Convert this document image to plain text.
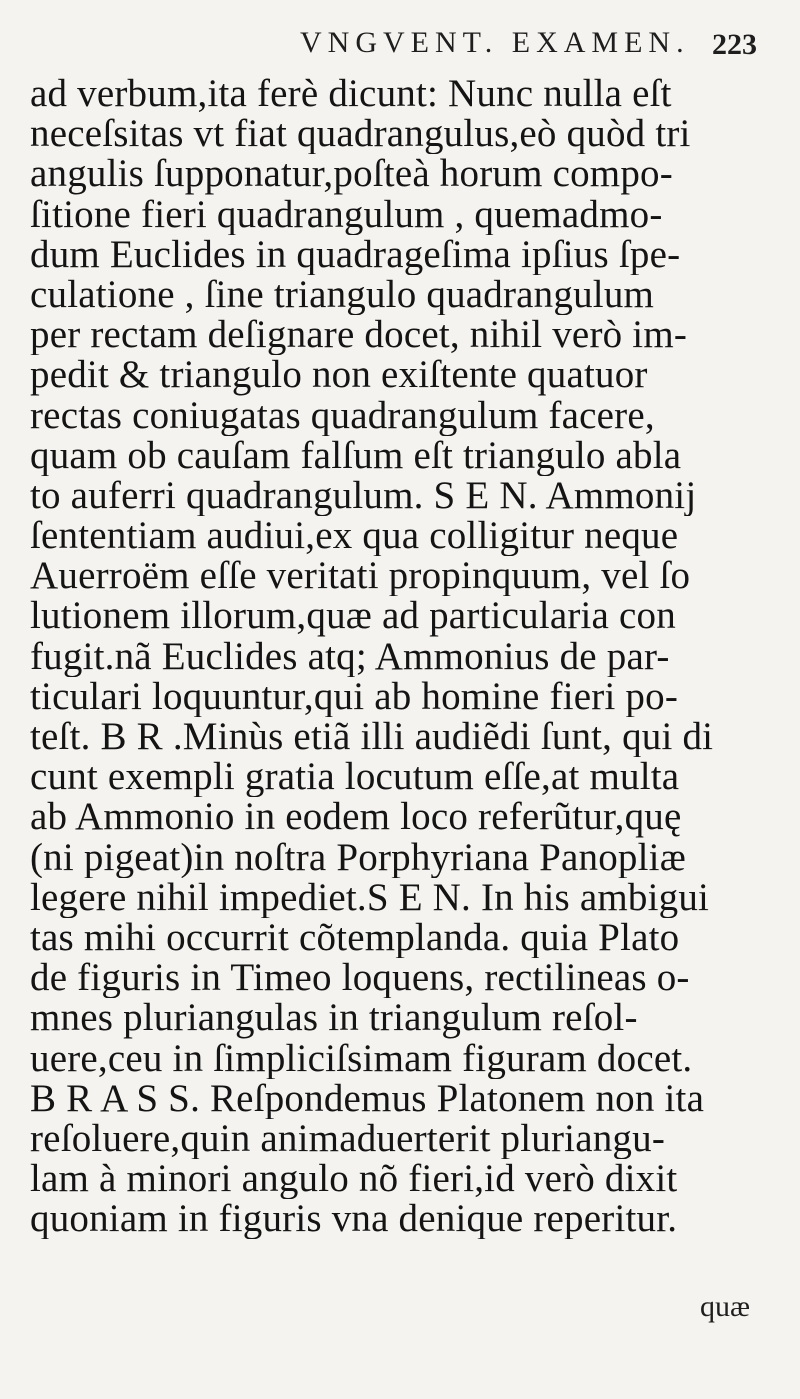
VNGVENT. EXAMEN. 223
ad verbum,ita ferè dicunt: Nunc nulla eſt
neceſsitas vt fiat quadrangulus,eò quòd tri
angulis ſupponatur,poſteà horum compo-
ſitione fieri quadrangulum , quemadmo-
dum Euclides in quadrageſima ipſius ſpe-
culatione , ſine triangulo quadrangulum
per rectam deſignare docet, nihil verò im-
pedit & triangulo non exiſtente quatuor
rectas coniugatas quadrangulum facere,
quam ob cauſam falſum eſt triangulo abla
to auferri quadrangulum. S E N. Ammonij
ſententiam audiui,ex qua colligitur neque
Auerroëm eſſe veritati propinquum, vel ſo
lutionem illorum,quæ ad particularia con
fugit.nã Euclides atq; Ammonius de par-
ticulari loquuntur,qui ab homine fieri po-
teſt. B R .Minùs etiã illi audiẽdi ſunt, qui di
cunt exempli gratia locutum eſſe,at multa
ab Ammonio in eodem loco referũtur,quę
(ni pigeat)in noſtra Porphyriana Panopliæ
legere nihil impediet.S E N. In his ambigui
tas mihi occurrit cõtemplanda. quia Plato
de figuris in Timeo loquens, rectilineas o-
mnes pluriangulas in triangulum reſol-
uere,ceu in ſimpliciſsimam figuram docet.
B R A S S. Reſpondemus Platonem non ita
reſoluere,quin animaduerterit pluriangu-
lam à minori angulo nõ fieri,id verò dixit
quoniam in figuris vna denique reperitur.
quæ
